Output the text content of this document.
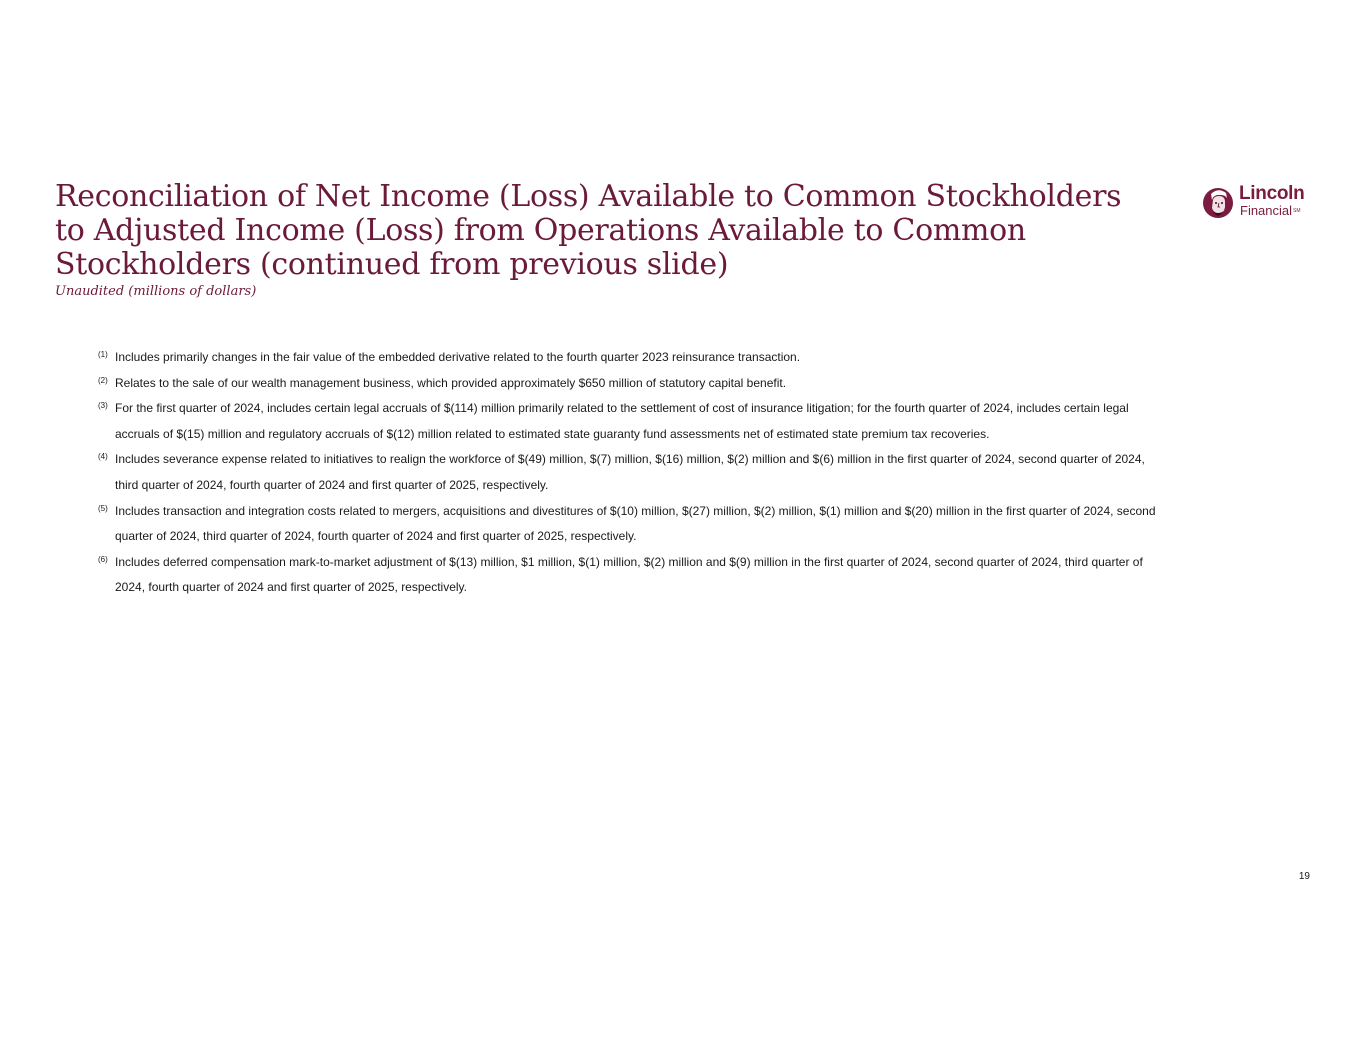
Reconciliation of Net Income (Loss) Available to Common Stockholders to Adjusted Income (Loss) from Operations Available to Common Stockholders (continued from previous slide)

Unaudited (millions of dollars)

Lincoln
Financial℠
(1) Includes primarily changes in the fair value of the embedded derivative related to the fourth quarter 2023 reinsurance transaction.
(2) Relates to the sale of our wealth management business, which provided approximately $650 million of statutory capital benefit.
(3) For the first quarter of 2024, includes certain legal accruals of $(114) million primarily related to the settlement of cost of insurance litigation; for the fourth quarter of 2024, includes certain legal accruals of $(15) million and regulatory accruals of $(12) million related to estimated state guaranty fund assessments net of estimated state premium tax recoveries.
(4) Includes severance expense related to initiatives to realign the workforce of $(49) million, $(7) million, $(16) million, $(2) million and $(6) million in the first quarter of 2024, second quarter of 2024, third quarter of 2024, fourth quarter of 2024 and first quarter of 2025, respectively.
(5) Includes transaction and integration costs related to mergers, acquisitions and divestitures of $(10) million, $(27) million, $(2) million, $(1) million and $(20) million in the first quarter of 2024, second quarter of 2024, third quarter of 2024, fourth quarter of 2024 and first quarter of 2025, respectively.
(6) Includes deferred compensation mark-to-market adjustment of $(13) million, $1 million, $(1) million, $(2) million and $(9) million in the first quarter of 2024, second quarter of 2024, third quarter of 2024, fourth quarter of 2024 and first quarter of 2025, respectively.
19
